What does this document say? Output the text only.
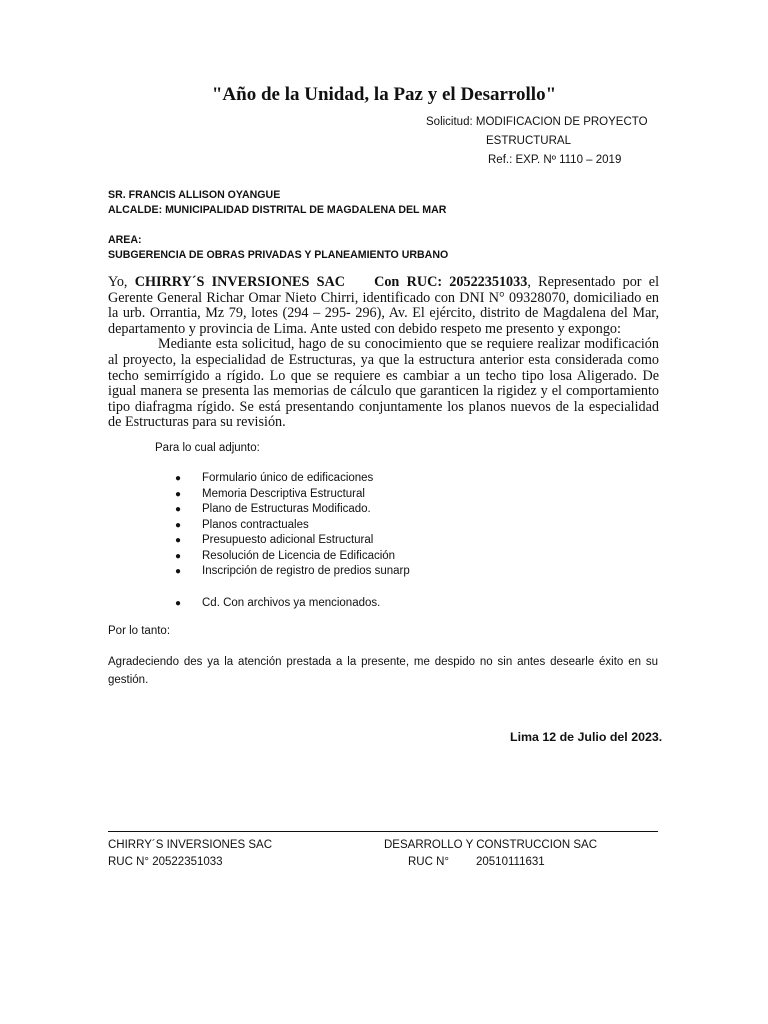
"Año de la Unidad, la Paz y el Desarrollo"
Solicitud: MODIFICACION DE PROYECTO
ESTRUCTURAL
Ref.: EXP. Nº 1110 – 2019
SR. FRANCIS ALLISON OYANGUE
ALCALDE: MUNICIPALIDAD DISTRITAL DE MAGDALENA DEL MAR
AREA:
SUBGERENCIA DE OBRAS PRIVADAS Y PLANEAMIENTO URBANO

Yo, CHIRRY´S INVERSIONES SAC Con RUC: 20522351033, Representado por el Gerente General Richar Omar Nieto Chirri, identificado con DNI N° 09328070, domiciliado en la urb. Orrantia, Mz 79, lotes (294 – 295- 296), Av. El ejército, distrito de Magdalena del Mar, departamento y provincia de Lima. Ante usted con debido respeto me presento y expongo:

Mediante esta solicitud, hago de su conocimiento que se requiere realizar modificación al proyecto, la especialidad de Estructuras, ya que la estructura anterior esta considerada como techo semirrígido a rígido. Lo que se requiere es cambiar a un techo tipo losa Aligerado. De igual manera se presenta las memorias de cálculo que garanticen la rigidez y el comportamiento tipo diafragma rígido. Se está presentando conjuntamente los planos nuevos de la especialidad de Estructuras para su revisión.

Para lo cual adjunto:
● Formulario único de edificaciones
● Memoria Descriptiva Estructural
● Plano de Estructuras Modificado.
● Planos contractuales
● Presupuesto adicional Estructural
● Resolución de Licencia de Edificación
● Inscripción de registro de predios sunarp
● Cd. Con archivos ya mencionados.
Por lo tanto:
Agradeciendo des ya la atención prestada a la presente, me despido no sin antes desearle éxito en su gestión.
Lima 12 de Julio del 2023.
CHIRRY´S INVERSIONES SAC
RUC N° 20522351033
DESARROLLO Y CONSTRUCCION SAC
RUC N° 20510111631
